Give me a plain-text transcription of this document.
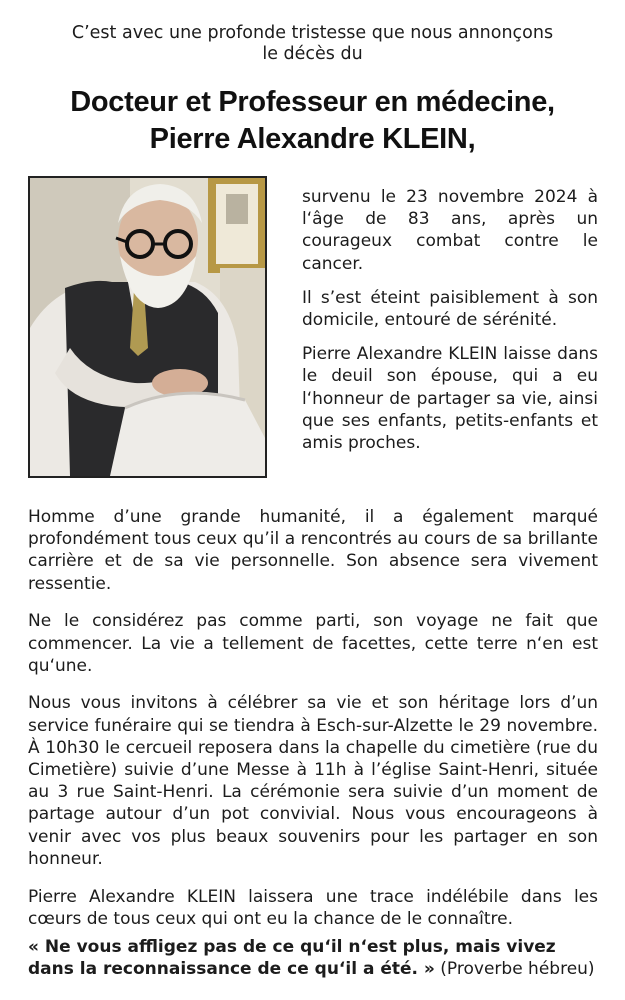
C’est avec une profonde tristesse que nous annonçons
le décès du
Docteur et Professeur en médecine,
Pierre Alexandre KLEIN,

survenu le 23 novembre 2024 à l‘âge de 83 ans, après un courageux combat contre le cancer.

Il s’est éteint paisiblement à son domicile, entouré de sérénité.

Pierre Alexandre KLEIN laisse dans le deuil son épouse, qui a eu l‘honneur de partager sa vie, ainsi que ses enfants, petits-enfants et amis proches.

Homme d’une grande humanité, il a également marqué profondément tous ceux qu’il a rencontrés au cours de sa brillante carrière et de sa vie personnelle. Son absence sera vivement ressentie.

Ne le considérez pas comme parti, son voyage ne fait que commencer. La vie a tellement de facettes, cette terre n‘en est qu‘une.

Nous vous invitons à célébrer sa vie et son héritage lors d’un service funéraire qui se tiendra à Esch-sur-Alzette le 29 novembre. À 10h30 le cercueil reposera dans la chapelle du cimetière (rue du Cimetière) suivie d’une Messe à 11h à l’église Saint-Henri, située au 3 rue Saint-Henri. La cérémonie sera suivie d’un moment de partage autour d’un pot convivial. Nous vous encourageons à venir avec vos plus beaux souvenirs pour les partager en son honneur.

Pierre Alexandre KLEIN laissera une trace indélébile dans les cœurs de tous ceux qui ont eu la chance de le connaître.

« Ne vous affligez pas de ce qu‘il n‘est plus, mais vivez dans la reconnaissance de ce qu‘il a été. » (Proverbe hébreu)
